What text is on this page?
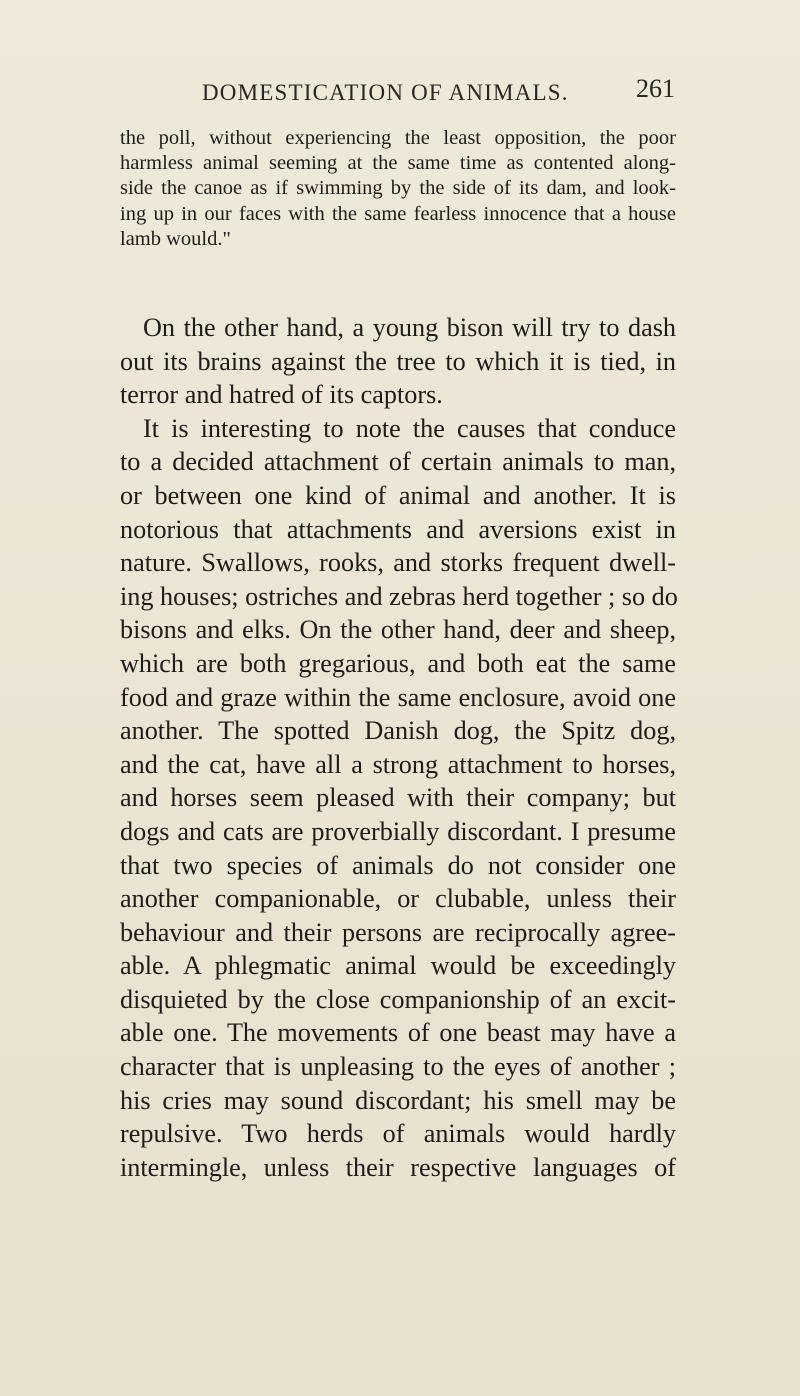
DOMESTICATION OF ANIMALS.	261
the poll, without experiencing the least opposition, the poor
harmless animal seeming at the same time as contented along-
side the canoe as if swimming by the side of its dam, and look-
ing up in our faces with the same fearless innocence that a house
lamb would."
On the other hand, a young bison will try to dash
out its brains against the tree to which it is tied, in
terror and hatred of its captors.
It is interesting to note the causes that conduce
to a decided attachment of certain animals to man,
or between one kind of animal and another. It is
notorious that attachments and aversions exist in
nature. Swallows, rooks, and storks frequent dwell-
ing houses; ostriches and zebras herd together ; so do
bisons and elks. On the other hand, deer and sheep,
which are both gregarious, and both eat the same
food and graze within the same enclosure, avoid one
another. The spotted Danish dog, the Spitz dog,
and the cat, have all a strong attachment to horses,
and horses seem pleased with their company; but
dogs and cats are proverbially discordant. I presume
that two species of animals do not consider one
another companionable, or clubable, unless their
behaviour and their persons are reciprocally agree-
able. A phlegmatic animal would be exceedingly
disquieted by the close companionship of an excit-
able one. The movements of one beast may have a
character that is unpleasing to the eyes of another ;
his cries may sound discordant; his smell may be
repulsive. Two herds of animals would hardly
intermingle, unless their respective languages of
